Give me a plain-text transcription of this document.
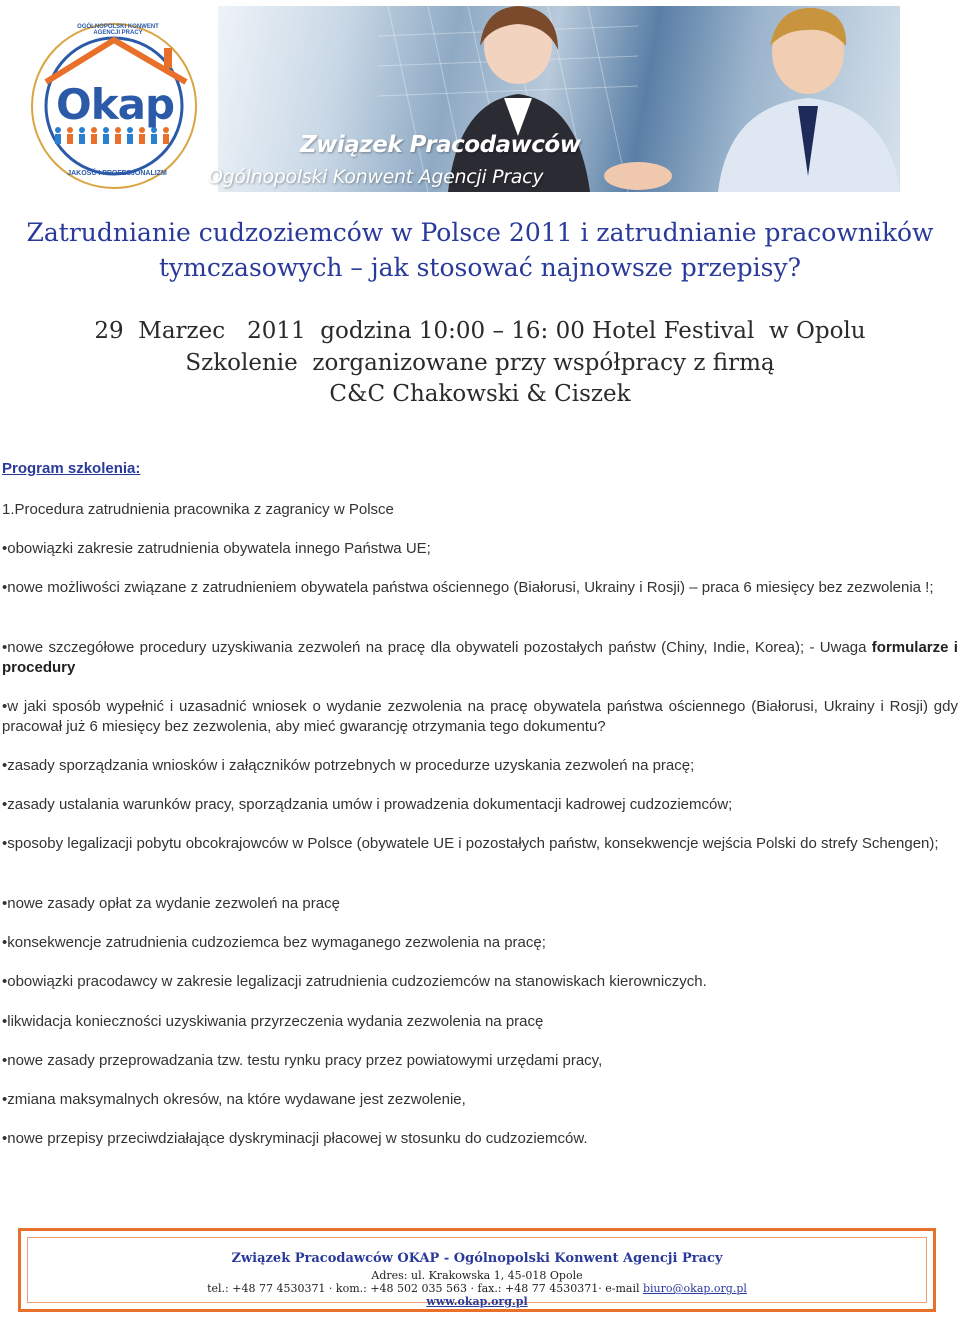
Okap
OGÓLNOPOLSKI KONWENT AGENCJI PRACY
JAKOŚĆ I PROFESJONALIZM
Związek Pracodawców
Ogólnopolski Konwent Agencji Pracy
Zatrudnianie cudzoziemców w Polsce 2011 i zatrudnianie pracowników
tymczasowych – jak stosować najnowsze przepisy?
29  Marzec   2011  godzina 10:00 – 16: 00 Hotel Festival  w Opolu
Szkolenie  zorganizowane przy współpracy z firmą
C&C Chakowski & Ciszek
Program szkolenia:
1.Procedura zatrudnienia pracownika z zagranicy w Polsce
•obowiązki zakresie zatrudnienia obywatela innego Państwa UE;
•nowe możliwości związane z zatrudnieniem obywatela państwa ościennego (Białorusi, Ukrainy i Rosji) – praca 6 miesięcy bez zezwolenia !;
•nowe szczegółowe procedury uzyskiwania zezwoleń na pracę dla obywateli pozostałych państw (Chiny, Indie, Korea); - Uwaga formularze i procedury
•w jaki sposób wypełnić i uzasadnić wniosek o wydanie zezwolenia na pracę obywatela państwa ościennego (Białorusi, Ukrainy i Rosji) gdy pracował już 6 miesięcy bez zezwolenia, aby mieć gwarancję otrzymania tego dokumentu?
•zasady sporządzania wniosków i załączników potrzebnych w procedurze uzyskania zezwoleń na pracę;
•zasady ustalania warunków pracy, sporządzania umów i prowadzenia dokumentacji kadrowej cudzoziemców;
•sposoby legalizacji pobytu obcokrajowców w Polsce (obywatele UE i pozostałych państw, konsekwencje wejścia Polski do strefy Schengen);
•nowe zasady opłat za wydanie zezwoleń na pracę
•konsekwencje zatrudnienia cudzoziemca bez wymaganego zezwolenia na pracę;
•obowiązki pracodawcy w zakresie legalizacji zatrudnienia cudzoziemców na stanowiskach kierowniczych.
•likwidacja konieczności uzyskiwania przyrzeczenia wydania zezwolenia na pracę
•nowe zasady przeprowadzania tzw. testu rynku pracy przez powiatowymi urzędami pracy,
•zmiana maksymalnych okresów, na które wydawane jest zezwolenie,
•nowe przepisy przeciwdziałające dyskryminacji płacowej w stosunku do cudzoziemców.
Związek Pracodawców OKAP - Ogólnopolski Konwent Agencji Pracy
Adres: ul. Krakowska 1, 45-018 Opole
tel.: +48 77 4530371 · kom.: +48 502 035 563 · fax.: +48 77 4530371· e-mail biuro@okap.org.pl
www.okap.org.pl
